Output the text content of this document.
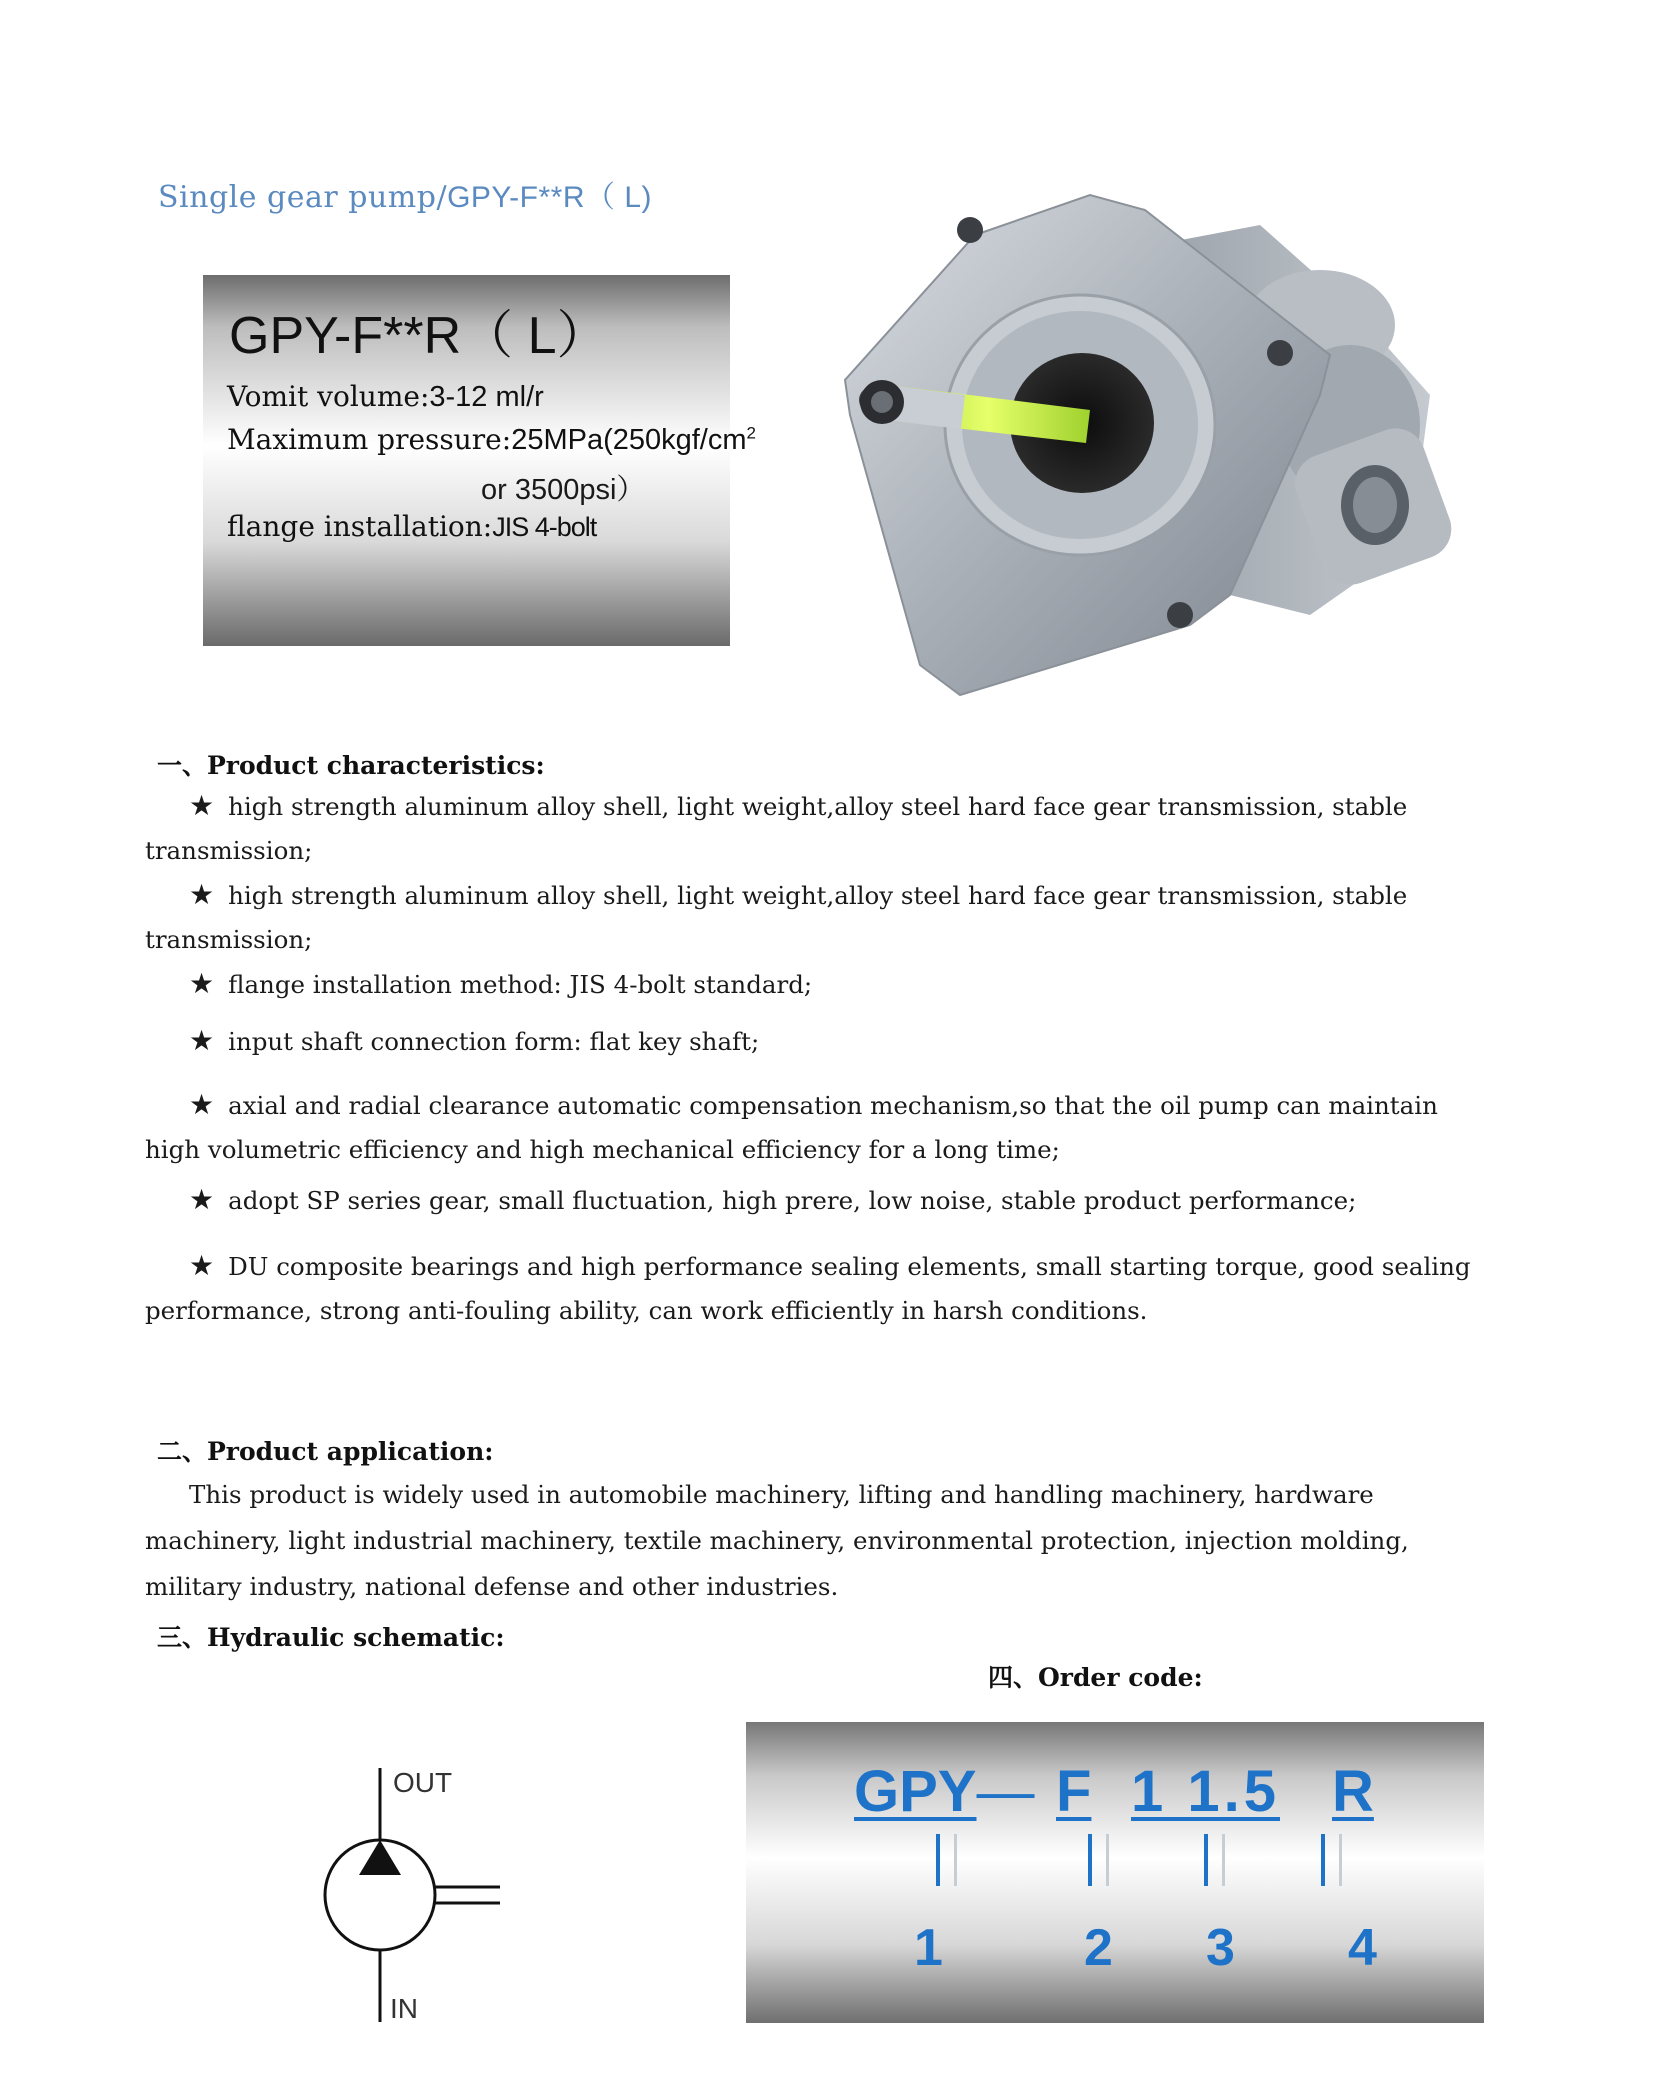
Single gear pump/GPY-F**R（ L)
GPY-F**R（ L）
Vomit volume:3-12 ml/r
Maximum $pressure:25MPa(250kgf/cm^2$
or 3500psi）
flange installation:JIS 4-bolt
一、Product characteristics:
★ high strength aluminum alloy shell, light weight,alloy steel hard face gear transmission, stable transmission;
★ high strength aluminum alloy shell, light weight,alloy steel hard face gear transmission, stable transmission;
★ flange installation method: JIS 4-bolt standard;
★ input shaft connection form: flat key shaft;
★ axial and radial clearance automatic compensation mechanism,so that the oil pump can maintain high volumetric efficiency and high mechanical efficiency for a long time;
★ adopt SP series gear, small fluctuation, high prere, low noise, stable product performance;
★ DU composite bearings and high performance sealing elements, small starting torque, good sealing performance, strong anti-fouling ability, can work efficiently in harsh conditions.
二、Product application:
This product is widely used in automobile machinery, lifting and handling machinery, hardware machinery, light industrial machinery, textile machinery, environmental protection, injection molding, military industry, national defense and other industries.
三、Hydraulic schematic:
OUT
IN
四、Order code:
GPY— F 1 1.5 R
1	2 3 4
